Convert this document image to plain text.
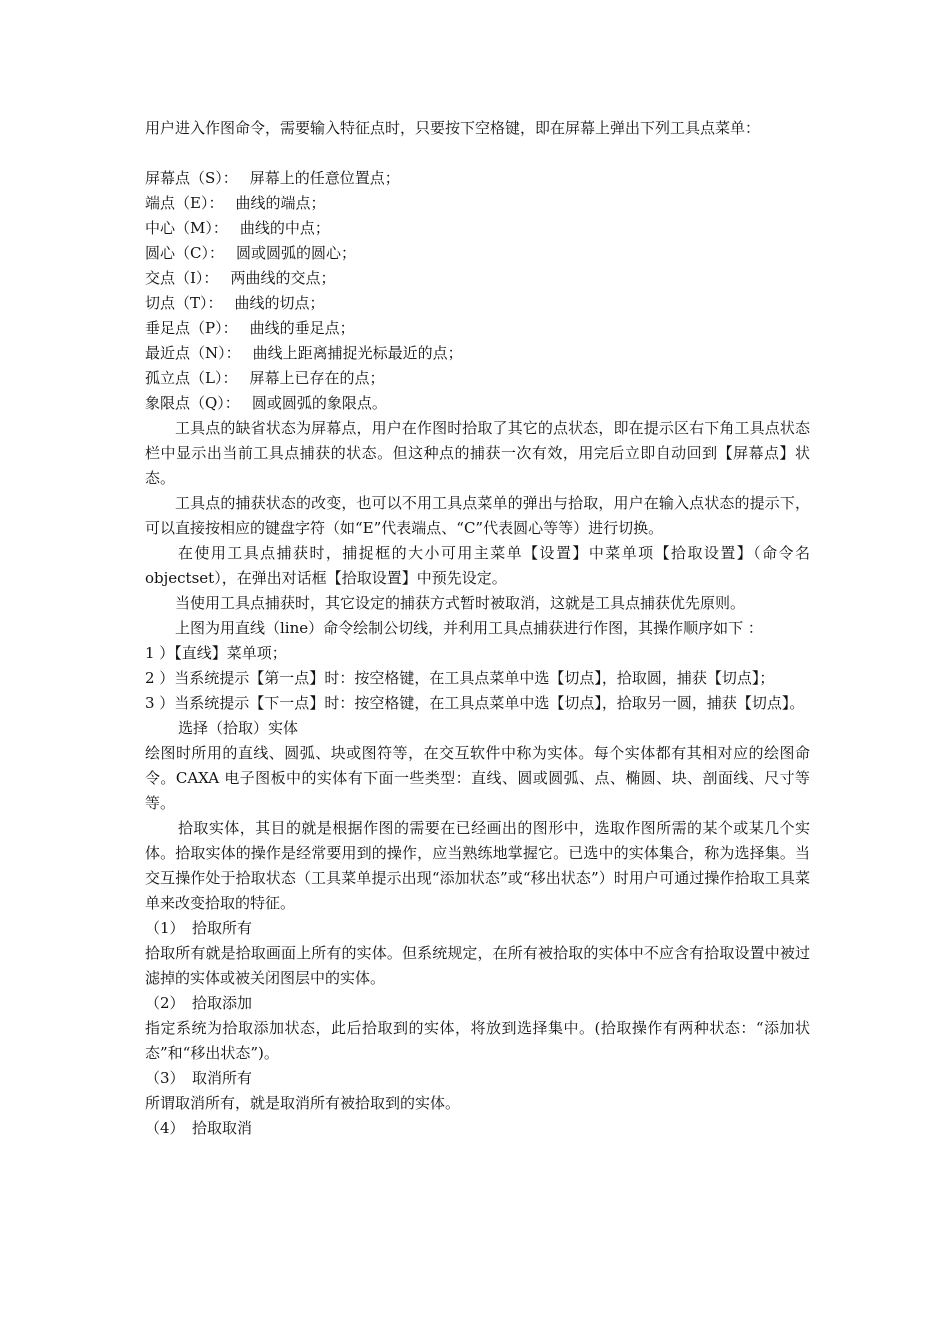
用户进入作图命令，需要输入特征点时，只要按下空格键，即在屏幕上弹出下列工具点菜单：

屏幕点（S）： 屏幕上的任意位置点；

端点（E）： 曲线的端点；

中心（M）： 曲线的中点；

圆心（C）： 圆或圆弧的圆心；

交点（I）： 两曲线的交点；

切点（T）： 曲线的切点；

垂足点（P）： 曲线的垂足点；

最近点（N）： 曲线上距离捕捉光标最近的点；

孤立点（L）： 屏幕上已存在的点；

象限点（Q）： 圆或圆弧的象限点。

工具点的缺省状态为屏幕点，用户在作图时拾取了其它的点状态，即在提示区右下角工具点状态栏中显示出当前工具点捕获的状态。但这种点的捕获一次有效，用完后立即自动回到【屏幕点】状态。

工具点的捕获状态的改变，也可以不用工具点菜单的弹出与拾取，用户在输入点状态的提示下，可以直接按相应的键盘字符（如“E”代表端点、“C”代表圆心等等）进行切换。

在使用工具点捕获时，捕捉框的大小可用主菜单【设置】中菜单项【拾取设置】（命令名 objectset），在弹出对话框【拾取设置】中预先设定。

当使用工具点捕获时，其它设定的捕获方式暂时被取消，这就是工具点捕获优先原则。

上图为用直线（line）命令绘制公切线，并利用工具点捕获进行作图，其操作顺序如下 ：

1 ）【直线】菜单项；

2 ）当系统提示【第一点】时：按空格键，在工具点菜单中选【切点】，拾取圆，捕获【切点】；

3 ）当系统提示【下一点】时：按空格键，在工具点菜单中选【切点】，拾取另一圆，捕获【切点】。

选择（拾取）实体

绘图时所用的直线、圆弧、块或图符等，在交互软件中称为实体。每个实体都有其相对应的绘图命令。CAXA 电子图板中的实体有下面一些类型：直线、圆或圆弧、点、椭圆、块、剖面线、尺寸等等。

拾取实体，其目的就是根据作图的需要在已经画出的图形中，选取作图所需的某个或某几个实体。拾取实体的操作是经常要用到的操作，应当熟练地掌握它。已选中的实体集合，称为选择集。当交互操作处于拾取状态（工具菜单提示出现“添加状态”或“移出状态”）时用户可通过操作拾取工具菜单来改变拾取的特征。

（1）　拾取所有

拾取所有就是拾取画面上所有的实体。但系统规定，在所有被拾取的实体中不应含有拾取设置中被过滤掉的实体或被关闭图层中的实体。

（2）　拾取添加

指定系统为拾取添加状态，此后拾取到的实体，将放到选择集中。(拾取操作有两种状态：“添加状态”和“移出状态”)。

（3）　取消所有

所谓取消所有，就是取消所有被拾取到的实体。

（4）　拾取取消
